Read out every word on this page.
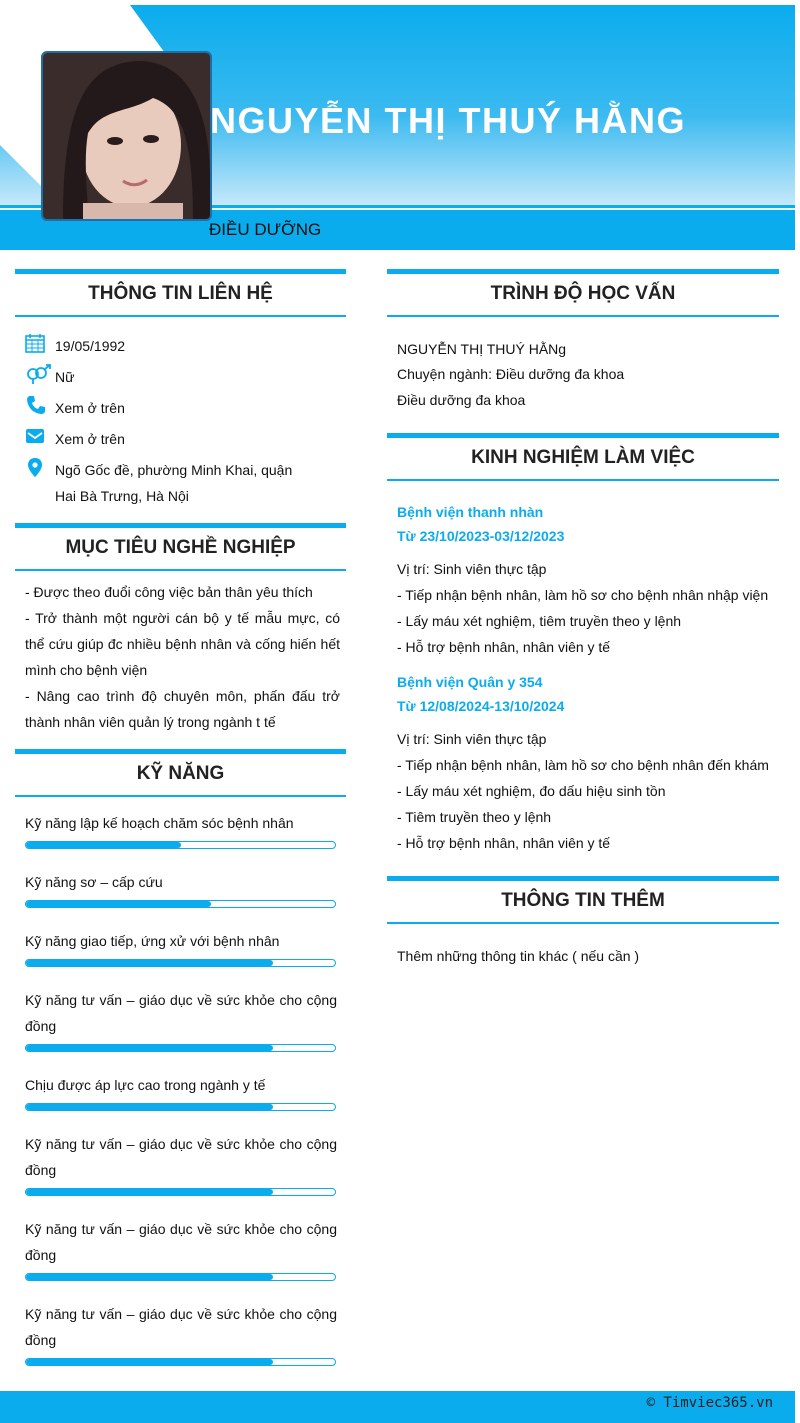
NGUYỄN THỊ THUÝ HẰNG
ĐIỀU DƯỠNG
THÔNG TIN LIÊN HỆ
19/05/1992
Nữ
Xem ở trên
Xem ở trên
Ngõ Gốc đề, phường Minh Khai, quận
Hai Bà Trưng, Hà Nội
MỤC TIÊU NGHỀ NGHIỆP
- Được theo đuổi công việc bản thân yêu thích
- Trở thành một người cán bộ y tế mẫu mực, có thể cứu giúp đc nhiều bệnh nhân và cống hiến hết mình cho bệnh viện
- Nâng cao trình độ chuyên môn, phấn đấu trở thành nhân viên quản lý trong ngành t tế
KỸ NĂNG
Kỹ năng lập kế hoạch chăm sóc bệnh nhân
Kỹ năng sơ – cấp cứu
Kỹ năng giao tiếp, ứng xử với bệnh nhân
Kỹ năng tư vấn – giáo dục về sức khỏe cho cộng đồng
Chịu được áp lực cao trong ngành y tế
Kỹ năng tư vấn – giáo dục về sức khỏe cho cộng đồng
Kỹ năng tư vấn – giáo dục về sức khỏe cho cộng đồng
Kỹ năng tư vấn – giáo dục về sức khỏe cho cộng đồng
TRÌNH ĐỘ HỌC VẤN
NGUYỄN THỊ THUÝ HẰNg
Chuyện ngành: Điều dưỡng đa khoa
Điều dưỡng đa khoa
KINH NGHIỆM LÀM VIỆC
Bệnh viện thanh nhàn
Từ 23/10/2023-03/12/2023
Vị trí: Sinh viên thực tập
- Tiếp nhận bệnh nhân, làm hồ sơ cho bệnh nhân nhập viện
- Lấy máu xét nghiệm, tiêm truyền theo y lệnh
- Hỗ trợ bệnh nhân, nhân viên y tế
Bệnh viện Quân y 354
Từ 12/08/2024-13/10/2024
Vị trí: Sinh viên thực tập
- Tiếp nhận bệnh nhân, làm hồ sơ cho bệnh nhân đến khám
- Lấy máu xét nghiệm, đo dấu hiệu sinh tồn
- Tiêm truyền theo y lệnh
- Hỗ trợ bệnh nhân, nhân viên y tế
THÔNG TIN THÊM
Thêm những thông tin khác ( nếu cần )
© Timviec365.vn
